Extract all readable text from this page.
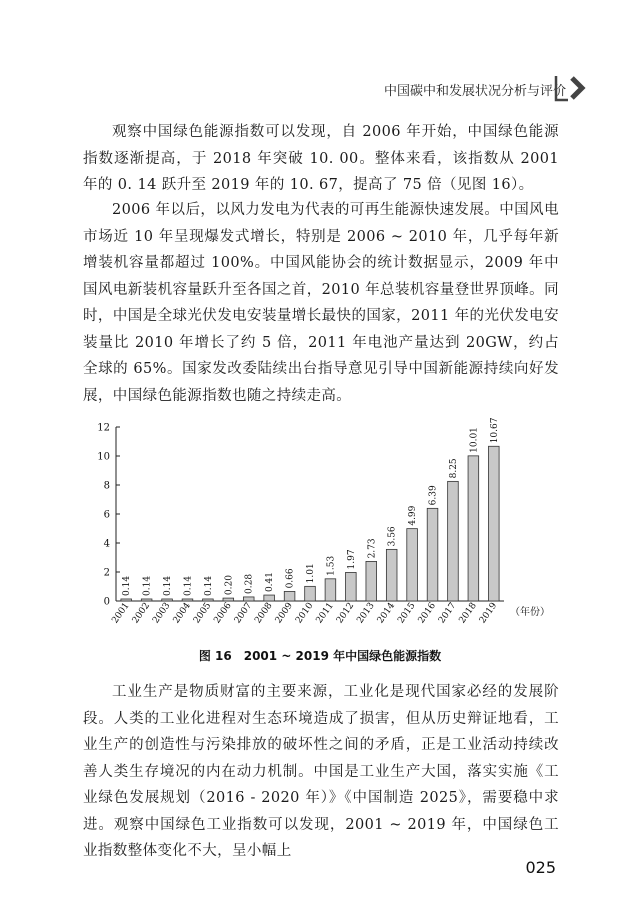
中国碳中和发展状况分析与评价

观察中国绿色能源指数可以发现，自 2006 年开始，中国绿色能源指数逐渐提高，于 2018 年突破 10. 00。整体来看，该指数从 2001 年的 0. 14 跃升至 2019 年的 10. 67，提高了 75 倍（见图 16）。

2006 年以后，以风力发电为代表的可再生能源快速发展。中国风电市场近 10 年呈现爆发式增长，特别是 2006 ~ 2010 年，几乎每年新增装机容量都超过 100%。中国风能协会的统计数据显示，2009 年中国风电新装机容量跃升至各国之首，2010 年总装机容量登世界顶峰。同时，中国是全球光伏发电安装量增长最快的国家，2011 年的光伏发电安装量比 2010 年增长了约 5 倍，2011 年电池产量达到 20GW，约占全球的 65%。国家发改委陆续出台指导意见引导中国新能源持续向好发展，中国绿色能源指数也随之持续走高。

0
2
4
6
8
10
12
0.14 0.14 0.14 0.14 0.14 0.20 0.28 0.41 0.66 1.01 1.53 1.97
2.73
3.56
4.99
6.39
8.25
10.01 10.67
2001 2002 2003 2004 2005 2006 2007 2008 2009 2010 2011 2012 2013 2014 2015 2016 2017 2018 2019 （年份）
图 16　2001 ~ 2019 年中国绿色能源指数

工业生产是物质财富的主要来源，工业化是现代国家必经的发展阶段。人类的工业化进程对生态环境造成了损害，但从历史辩证地看，工业生产的创造性与污染排放的破坏性之间的矛盾，正是工业活动持续改善人类生存境况的内在动力机制。中国是工业生产大国，落实实施《工业绿色发展规划（2016 - 2020 年）》《中国制造 2025》，需要稳中求进。观察中国绿色工业指数可以发现，2001 ~ 2019 年，中国绿色工业指数整体变化不大，呈小幅上

025
